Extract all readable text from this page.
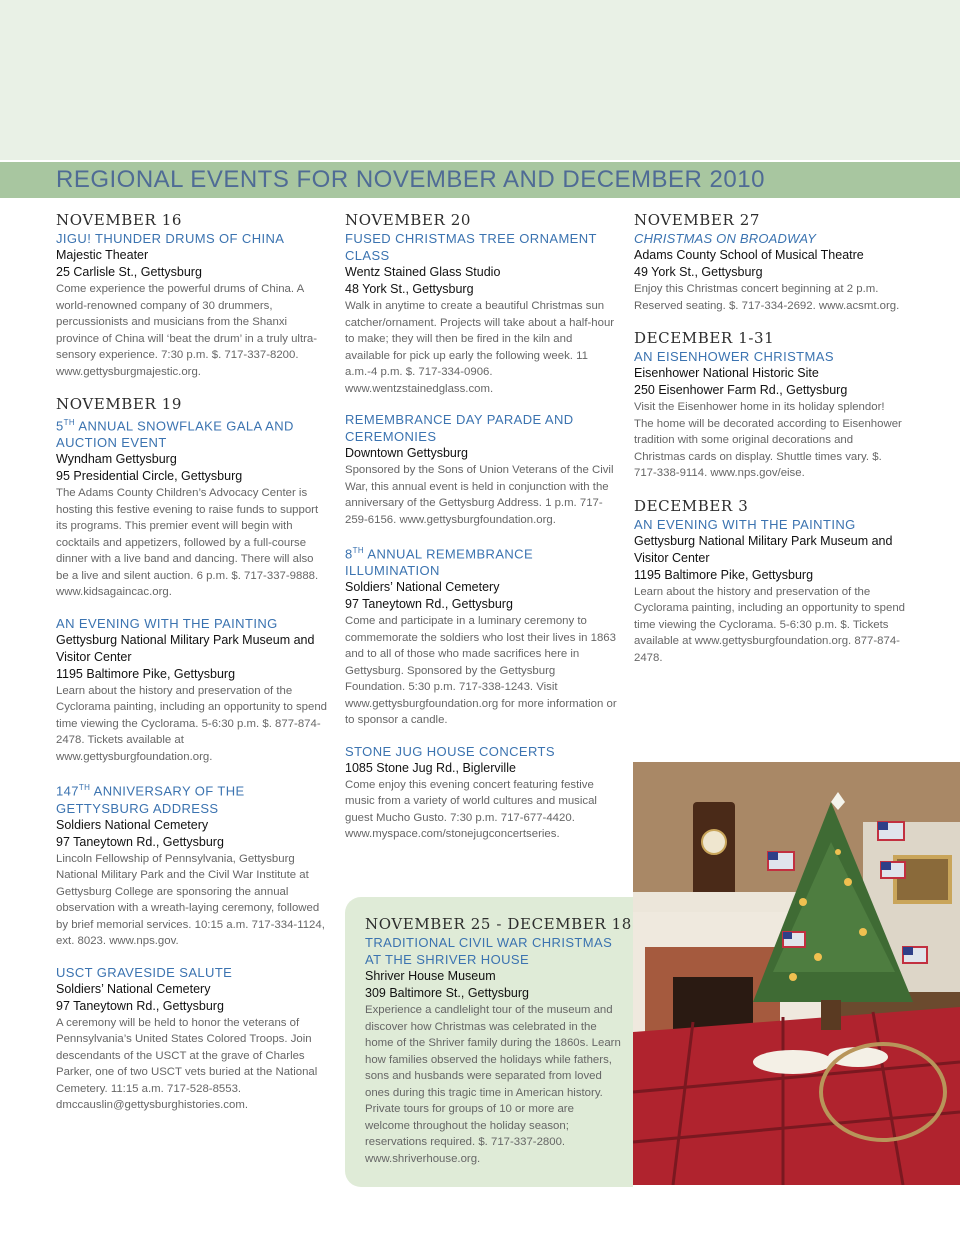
REGIONAL EVENTS FOR NOVEMBER AND DECEMBER 2010
NOVEMBER 16
JIGU! THUNDER DRUMS OF CHINA
Majestic Theater
25 Carlisle St., Gettysburg
Come experience the powerful drums of China. A world-renowned company of 30 drummers, percussionists and musicians from the Shanxi province of China will ‘beat the drum’ in a truly ultra-sensory experience. 7:30 p.m. $. 717-337-8200. www.gettysburgmajestic.org.
NOVEMBER 19
5TH ANNUAL SNOWFLAKE GALA AND AUCTION EVENT
Wyndham Gettysburg
95 Presidential Circle, Gettysburg
The Adams County Children’s Advocacy Center is hosting this festive evening to raise funds to support its programs. This premier event will begin with cocktails and appetizers, followed by a full-course dinner with a live band and dancing. There will also be a live and silent auction. 6 p.m. $. 717-337-9888. www.kidsagaincac.org.
AN EVENING WITH THE PAINTING
Gettysburg National Military Park Museum and Visitor Center
1195 Baltimore Pike, Gettysburg
Learn about the history and preservation of the Cyclorama painting, including an opportunity to spend time viewing the Cyclorama. 5-6:30 p.m. $. 877-874-2478. Tickets available at www.gettysburgfoundation.org.
147TH ANNIVERSARY OF THE GETTYSBURG ADDRESS
Soldiers National Cemetery
97 Taneytown Rd., Gettysburg
Lincoln Fellowship of Pennsylvania, Gettysburg National Military Park and the Civil War Institute at Gettysburg College are sponsoring the annual observation with a wreath-laying ceremony, followed by brief memorial services. 10:15 a.m. 717-334-1124, ext. 8023. www.nps.gov.
USCT GRAVESIDE SALUTE
Soldiers’ National Cemetery
97 Taneytown Rd., Gettysburg
A ceremony will be held to honor the veterans of Pennsylvania’s United States Colored Troops. Join descendants of the USCT at the grave of Charles Parker, one of two USCT vets buried at the National Cemetery. 11:15 a.m. 717-528-8553. dmccauslin@gettysburghistories.com.
NOVEMBER 20
FUSED CHRISTMAS TREE ORNAMENT CLASS
Wentz Stained Glass Studio
48 York St., Gettysburg
Walk in anytime to create a beautiful Christmas sun catcher/ornament. Projects will take about a half-hour to make; they will then be fired in the kiln and available for pick up early the following week. 11 a.m.-4 p.m. $. 717-334-0906. www.wentzstainedglass.com.
REMEMBRANCE DAY PARADE AND CEREMONIES
Downtown Gettysburg
Sponsored by the Sons of Union Veterans of the Civil War, this annual event is held in conjunction with the anniversary of the Gettysburg Address. 1 p.m. 717-259-6156. www.gettysburgfoundation.org.
8TH ANNUAL REMEMBRANCE ILLUMINATION
Soldiers’ National Cemetery
97 Taneytown Rd., Gettysburg
Come and participate in a luminary ceremony to commemorate the soldiers who lost their lives in 1863 and to all of those who made sacrifices here in Gettysburg. Sponsored by the Gettysburg Foundation. 5:30 p.m. 717-338-1243. Visit www.gettysburgfoundation.org for more information or to sponsor a candle.
STONE JUG HOUSE CONCERTS
1085 Stone Jug Rd., Biglerville
Come enjoy this evening concert featuring festive music from a variety of world cultures and musical guest Mucho Gusto. 7:30 p.m. 717-677-4420. www.myspace.com/stonejugconcertseries.
NOVEMBER 27
CHRISTMAS ON BROADWAY
Adams County School of Musical Theatre
49 York St., Gettysburg
Enjoy this Christmas concert beginning at 2 p.m. Reserved seating. $. 717-334-2692. www.acsmt.org.
DECEMBER 1-31
AN EISENHOWER CHRISTMAS
Eisenhower National Historic Site
250 Eisenhower Farm Rd., Gettysburg
Visit the Eisenhower home in its holiday splendor! The home will be decorated according to Eisenhower tradition with some original decorations and Christmas cards on display. Shuttle times vary. $. 717-338-9114. www.nps.gov/eise.
DECEMBER 3
AN EVENING WITH THE PAINTING
Gettysburg National Military Park Museum and Visitor Center
1195 Baltimore Pike, Gettysburg
Learn about the history and preservation of the Cyclorama painting, including an opportunity to spend time viewing the Cyclorama. 5-6:30 p.m. $. Tickets available at www.gettysburgfoundation.org. 877-874-2478.
NOVEMBER 25 - DECEMBER 18
TRADITIONAL CIVIL WAR CHRISTMAS AT THE SHRIVER HOUSE
Shriver House Museum
309 Baltimore St., Gettysburg
Experience a candlelight tour of the museum and discover how Christmas was celebrated in the home of the Shriver family during the 1860s. Learn how families observed the holidays while fathers, sons and husbands were separated from loved ones during this tragic time in American history. Private tours for groups of 10 or more are welcome throughout the holiday season; reservations required. $. 717-337-2800. www.shriverhouse.org.
